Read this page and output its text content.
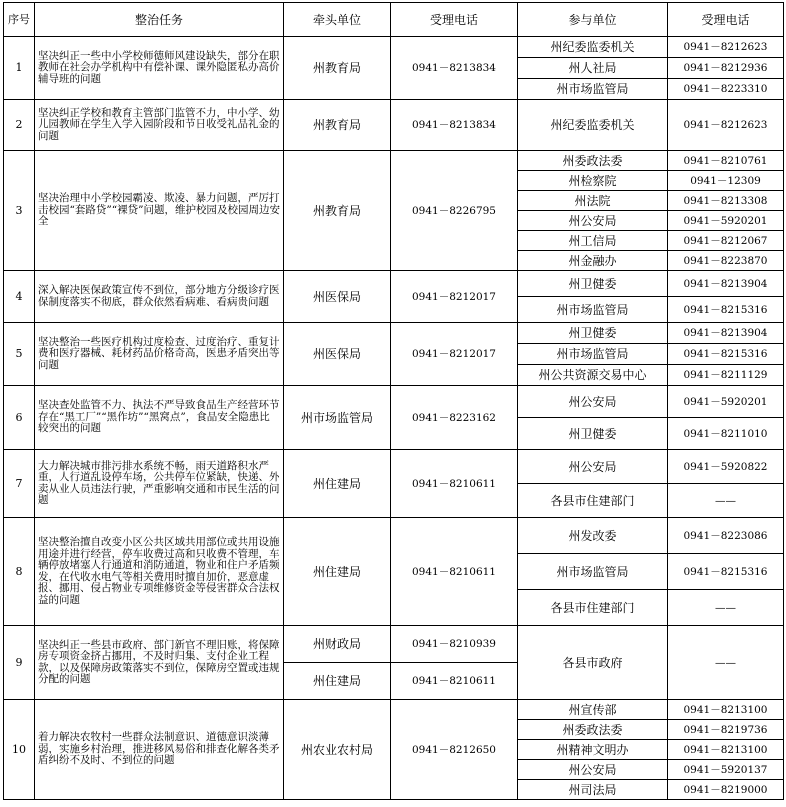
序号	整治任务	牵头单位	受理电话	参与单位	受理电话
1	坚决纠正一些中小学校师德师风建设缺失，部分在职教师在社会办学机构中有偿补课、课外隐匿私办高价辅导班的问题	州教育局	0941－8213834	州纪委监委机关	0941－8212623
				州人社局	0941－8212936
				州市场监管局	0941－8223310
2	坚决纠正学校和教育主管部门监管不力，中小学、幼儿园教师在学生入学入园阶段和节日收受礼品礼金的问题	州教育局	0941－8213834	州纪委监委机关	0941－8212623
3	坚决治理中小学校园霸凌、欺凌、暴力问题，严厉打击校园“套路贷”“裸贷”问题，维护校园及校园周边安全	州教育局	0941－8226795	州委政法委	0941－8210761
				州检察院	0941－12309
				州法院	0941－8213308
				州公安局	0941－5920201
				州工信局	0941－8212067
				州金融办	0941－8223870
4	深入解决医保政策宣传不到位，部分地方分级诊疗医保制度落实不彻底，群众依然看病难、看病贵问题	州医保局	0941－8212017	州卫健委	0941－8213904
				州市场监管局	0941－8215316
5	坚决整治一些医疗机构过度检查、过度治疗、重复计费和医疗器械、耗材药品价格奇高，医患矛盾突出等问题	州医保局	0941－8212017	州卫健委	0941－8213904
				州市场监管局	0941－8215316
				州公共资源交易中心	0941－8211129
6	坚决查处监管不力、执法不严导致食品生产经营环节存在“黑工厂”“黑作坊”“黑窝点”，食品安全隐患比较突出的问题	州市场监管局	0941－8223162	州公安局	0941－5920201
				州卫健委	0941－8211010
7	大力解决城市排污排水系统不畅，雨天道路积水严重，人行道乱设停车场，公共停车位紧缺，快递、外卖从业人员违法行驶，严重影响交通和市民生活的问题	州住建局	0941－8210611	州公安局	0941－5920822
				各县市住建部门	——
8	坚决整治擅自改变小区公共区域共用部位或共用设施用途并进行经营，停车收费过高和只收费不管理，车辆停放堵塞人行通道和消防通道，物业和住户矛盾频发，在代收水电气等相关费用时擅自加价，恶意虚报、挪用、侵占物业专项维修资金等侵害群众合法权益的问题	州住建局	0941－8210611	州发改委	0941－8223086
				州市场监管局	0941－8215316
				各县市住建部门	——
9	坚决纠正一些县市政府、部门新官不理旧账，将保障房专项资金挤占挪用，不及时归集、支付企业工程款，以及保障房政策落实不到位，保障房空置或违规分配的问题	州财政局	0941－8210939	各县市政府	——
		州住建局	0941－8210611		
10	着力解决农牧村一些群众法制意识、道德意识淡薄弱，实施乡村治理，推进移风易俗和排查化解各类矛盾纠纷不及时、不到位的问题	州农业农村局	0941－8212650	州宣传部	0941－8213100
				州委政法委	0941－8219736
				州精神文明办	0941－8213100
				州公安局	0941－5920137
				州司法局	0941－8219000
